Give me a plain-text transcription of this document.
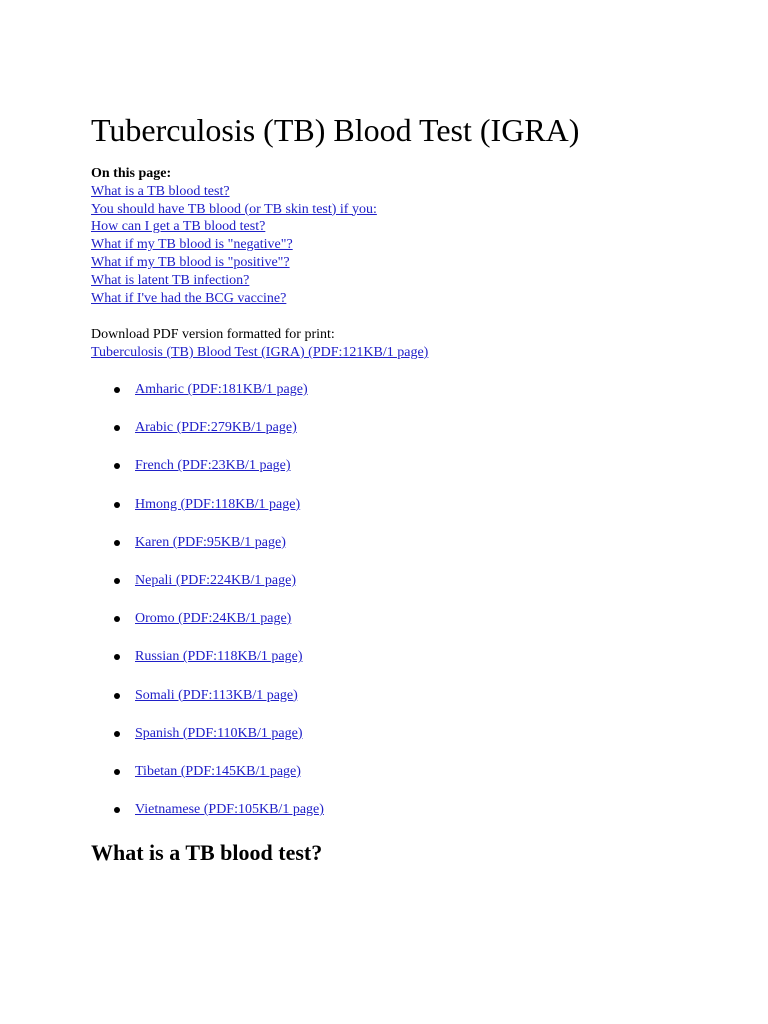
Tuberculosis (TB) Blood Test (IGRA)
On this page:
What is a TB blood test?
You should have TB blood (or TB skin test) if you:
How can I get a TB blood test?
What if my TB blood is "negative"?
What if my TB blood is "positive"?
What is latent TB infection?
What if I've had the BCG vaccine?
Download PDF version formatted for print:
Tuberculosis (TB) Blood Test (IGRA) (PDF:121KB/1 page)
Amharic (PDF:181KB/1 page)
Arabic (PDF:279KB/1 page)
French (PDF:23KB/1 page)
Hmong (PDF:118KB/1 page)
Karen (PDF:95KB/1 page)
Nepali (PDF:224KB/1 page)
Oromo (PDF:24KB/1 page)
Russian (PDF:118KB/1 page)
Somali (PDF:113KB/1 page)
Spanish (PDF:110KB/1 page)
Tibetan (PDF:145KB/1 page)
Vietnamese (PDF:105KB/1 page)
What is a TB blood test?
